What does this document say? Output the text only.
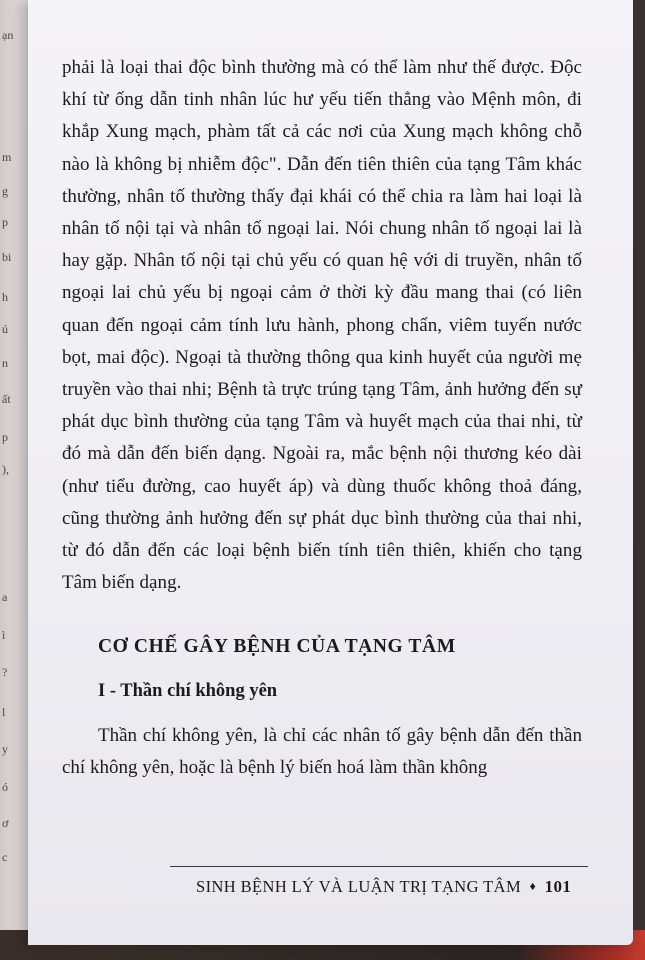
ạn
m
g
p
bi
h
ú
n
ất
p
),
a
ì
?
l
y
ó
ơ
c

phải là loại thai độc bình thường mà có thể làm như thế được. Độc khí từ ống dẫn tinh nhân lúc hư yếu tiến thẳng vào Mệnh môn, đi khắp Xung mạch, phàm tất cả các nơi của Xung mạch không chỗ nào là không bị nhiễm độc". Dẫn đến tiên thiên của tạng Tâm khác thường, nhân tố thường thấy đại khái có thể chia ra làm hai loại là nhân tố nội tại và nhân tố ngoại lai. Nói chung nhân tố ngoại lai là hay gặp. Nhân tố nội tại chủ yếu có quan hệ với di truyền, nhân tố ngoại lai chủ yếu bị ngoại cảm ở thời kỳ đầu mang thai (có liên quan đến ngoại cảm tính lưu hành, phong chẩn, viêm tuyến nước bọt, mai độc). Ngoại tà thường thông qua kinh huyết của người mẹ truyền vào thai nhi; Bệnh tà trực trúng tạng Tâm, ảnh hưởng đến sự phát dục bình thường của tạng Tâm và huyết mạch của thai nhi, từ đó mà dẫn đến biến dạng. Ngoài ra, mắc bệnh nội thương kéo dài (như tiểu đường, cao huyết áp) và dùng thuốc không thoả đáng, cũng thường ảnh hưởng đến sự phát dục bình thường của thai nhi, từ đó dẫn đến các loại bệnh biến tính tiên thiên, khiến cho tạng Tâm biến dạng.

CƠ CHẾ GÂY BỆNH CỦA TẠNG TÂM
I - Thần chí không yên

Thần chí không yên, là chỉ các nhân tố gây bệnh dẫn đến thần chí không yên, hoặc là bệnh lý biến hoá làm thần không

SINH BỆNH LÝ VÀ LUẬN TRỊ TẠNG TÂM ♦ 101
